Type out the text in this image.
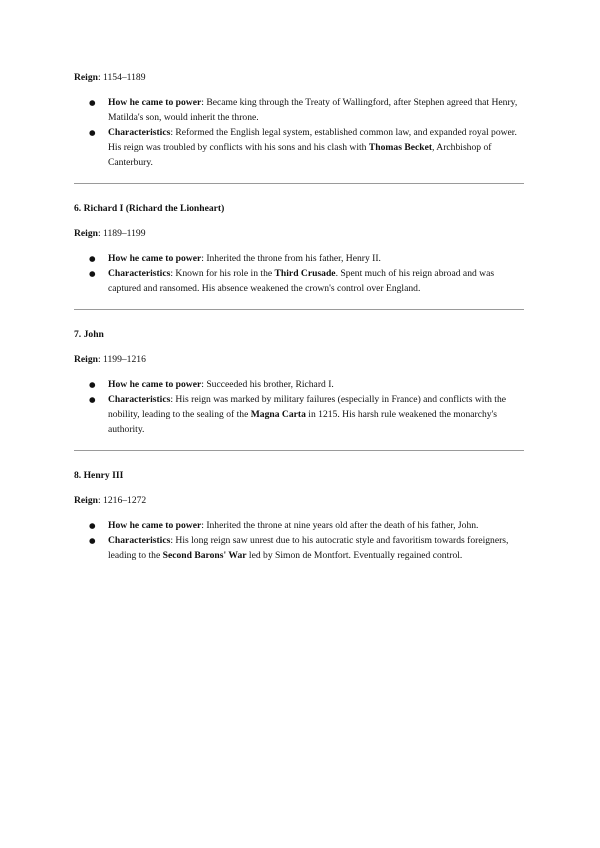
Reign: 1154–1189

● How he came to power: Became king through the Treaty of Wallingford, after Stephen agreed that Henry, Matilda's son, would inherit the throne.
● Characteristics: Reformed the English legal system, established common law, and expanded royal power. His reign was troubled by conflicts with his sons and his clash with Thomas Becket, Archbishop of Canterbury.

6. Richard I (Richard the Lionheart)

Reign: 1189–1199

● How he came to power: Inherited the throne from his father, Henry II.
● Characteristics: Known for his role in the Third Crusade. Spent much of his reign abroad and was captured and ransomed. His absence weakened the crown's control over England.

7. John

Reign: 1199–1216

● How he came to power: Succeeded his brother, Richard I.
● Characteristics: His reign was marked by military failures (especially in France) and conflicts with the nobility, leading to the sealing of the Magna Carta in 1215. His harsh rule weakened the monarchy's authority.

8. Henry III

Reign: 1216–1272

● How he came to power: Inherited the throne at nine years old after the death of his father, John.
● Characteristics: His long reign saw unrest due to his autocratic style and favoritism towards foreigners, leading to the Second Barons' War led by Simon de Montfort. Eventually regained control.
